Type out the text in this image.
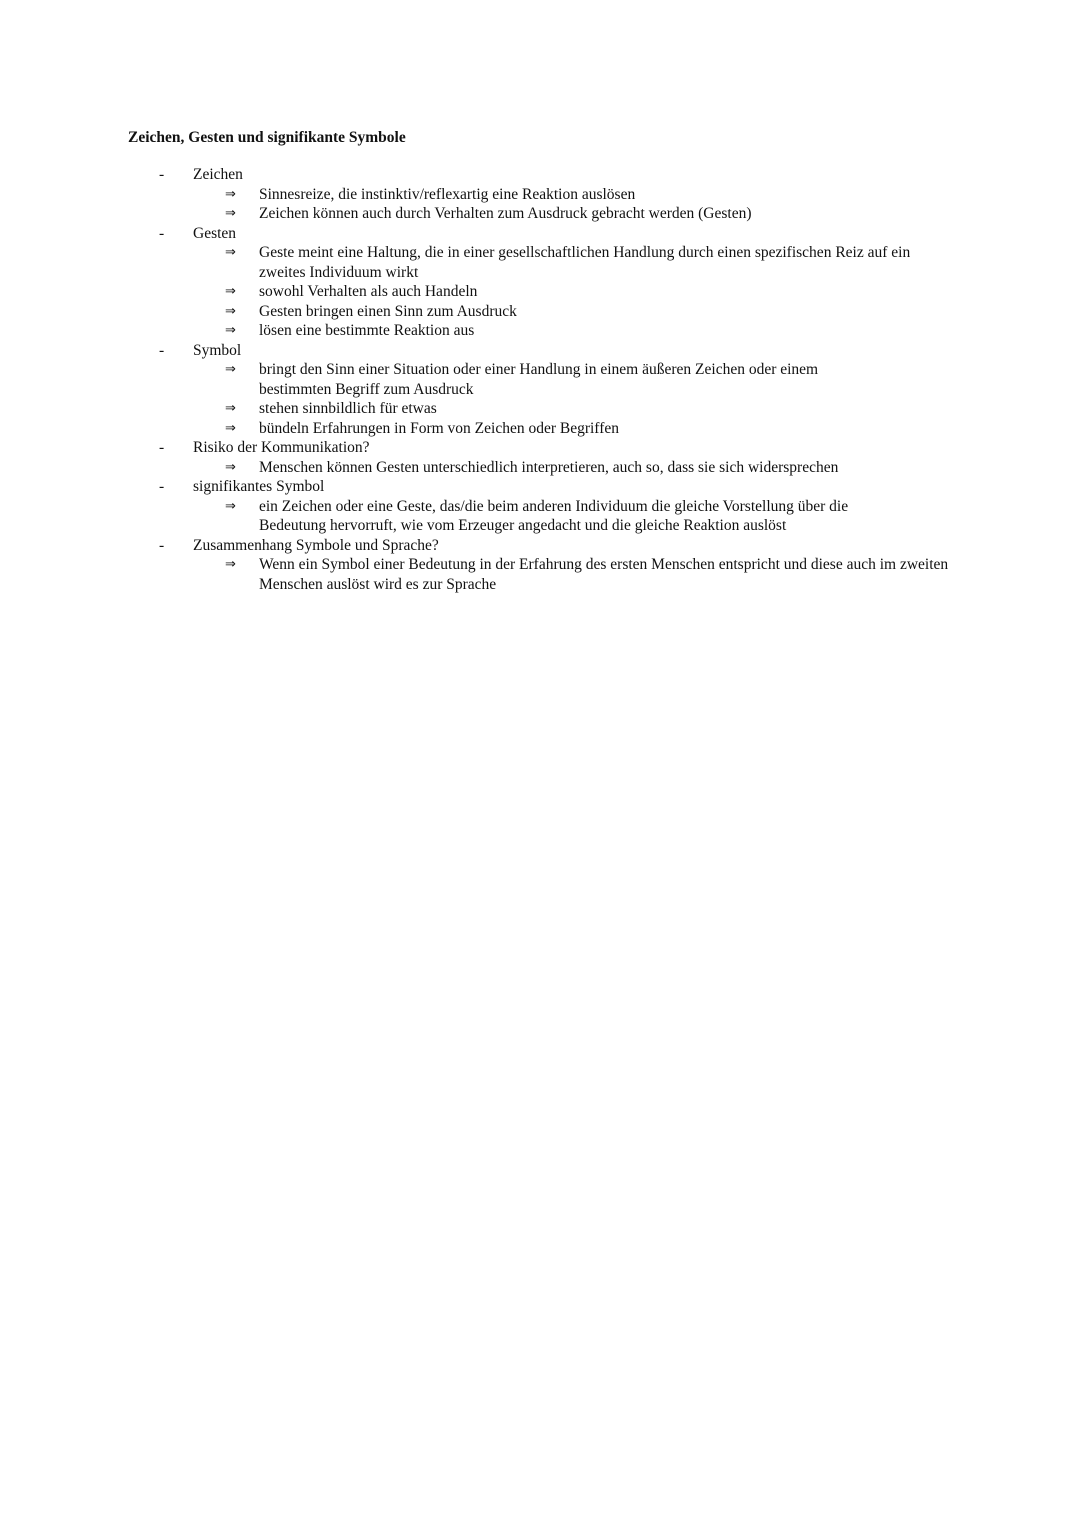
Zeichen, Gesten und signifikante Symbole
- Zeichen
⇒ Sinnesreize, die instinktiv/reflexartig eine Reaktion auslösen
⇒ Zeichen können auch durch Verhalten zum Ausdruck gebracht werden (Gesten)
- Gesten
⇒ Geste meint eine Haltung, die in einer gesellschaftlichen Handlung durch einen spezifischen Reiz auf ein zweites Individuum wirkt
⇒ sowohl Verhalten als auch Handeln
⇒ Gesten bringen einen Sinn zum Ausdruck
⇒ lösen eine bestimmte Reaktion aus
- Symbol
⇒ bringt den Sinn einer Situation oder einer Handlung in einem äußeren Zeichen oder einem bestimmten Begriff zum Ausdruck
⇒ stehen sinnbildlich für etwas
⇒ bündeln Erfahrungen in Form von Zeichen oder Begriffen
- Risiko der Kommunikation?
⇒ Menschen können Gesten unterschiedlich interpretieren, auch so, dass sie sich widersprechen
- signifikantes Symbol
⇒ ein Zeichen oder eine Geste, das/die beim anderen Individuum die gleiche Vorstellung über die Bedeutung hervorruft, wie vom Erzeuger angedacht und die gleiche Reaktion auslöst
- Zusammenhang Symbole und Sprache?
⇒ Wenn ein Symbol einer Bedeutung in der Erfahrung des ersten Menschen entspricht und diese auch im zweiten Menschen auslöst wird es zur Sprache
